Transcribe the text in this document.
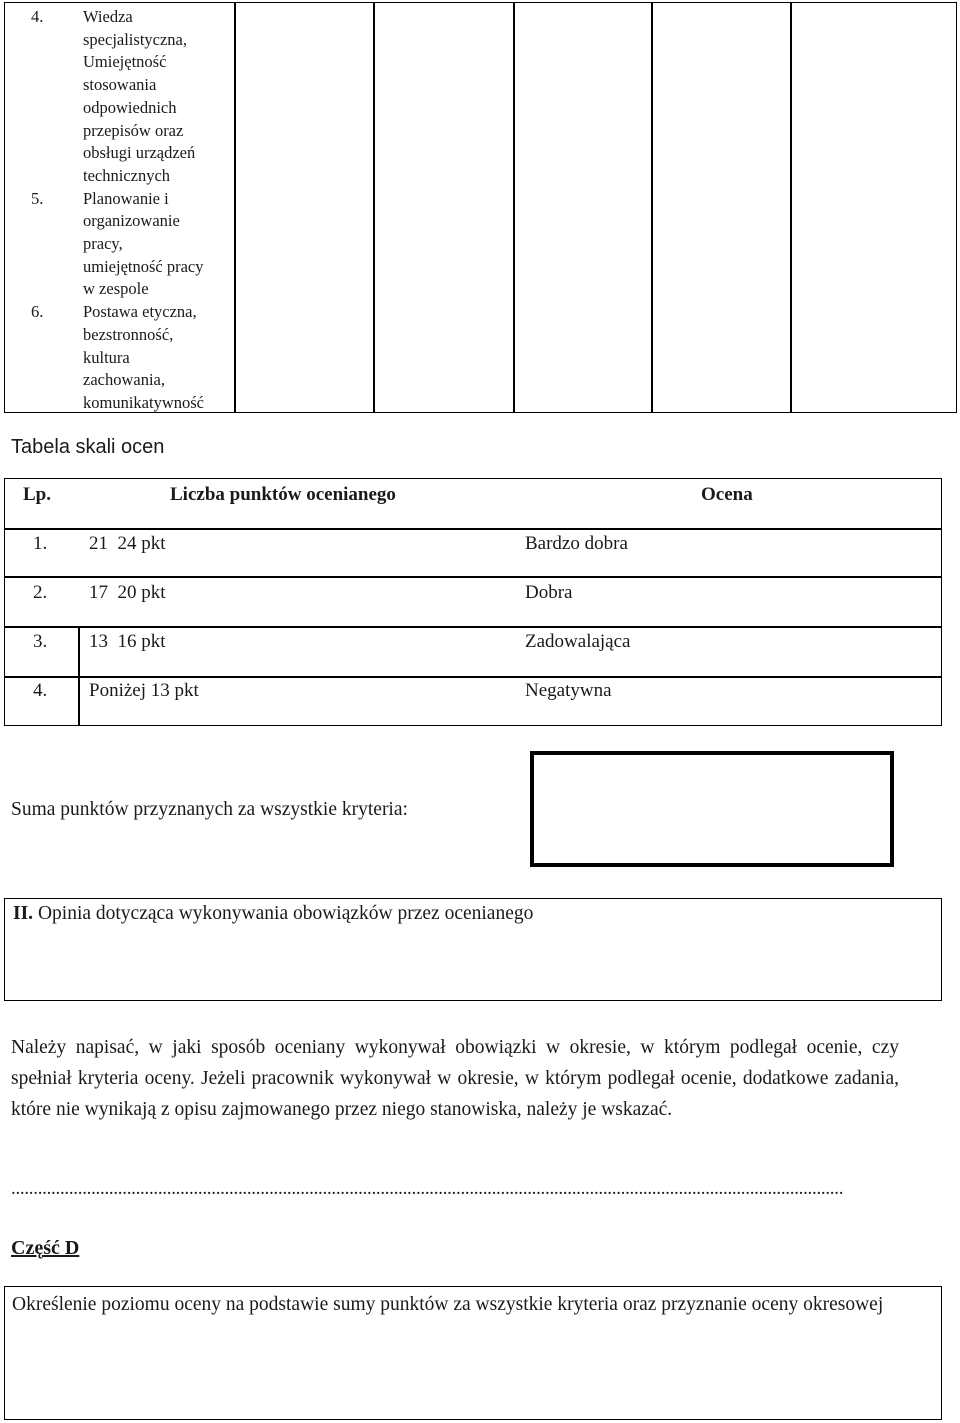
4. Wiedza
specjalistyczna,
Umiejętność
stosowania
odpowiednich
przepisów oraz
obsługi urządzeń
technicznych
5. Planowanie i
organizowanie
pracy,
umiejętność pracy
w zespole
6. Postawa etyczna,
bezstronność,
kultura
zachowania,
komunikatywność
Tabela skali ocen
Lp.	Liczba punktów ocenianego	Ocena
1. 21  24 pkt	Bardzo dobra
2. 17  20 pkt	Dobra
3. 13  16 pkt	Zadowalająca
4. Poniżej 13 pkt	Negatywna
Suma punktów przyznanych za wszystkie kryteria:
II. Opinia dotycząca wykonywania obowiązków przez ocenianego
Należy napisać, w jaki sposób oceniany wykonywał obowiązki w okresie, w którym podlegał ocenie, czy spełniał kryteria oceny. Jeżeli pracownik wykonywał w okresie, w którym podlegał ocenie, dodatkowe zadania, które nie wynikają z opisu zajmowanego przez niego stanowiska, należy je wskazać.
...........................................................................................................................................................................................
Część D
Określenie poziomu oceny na podstawie sumy punktów za wszystkie kryteria oraz przyznanie oceny okresowej
